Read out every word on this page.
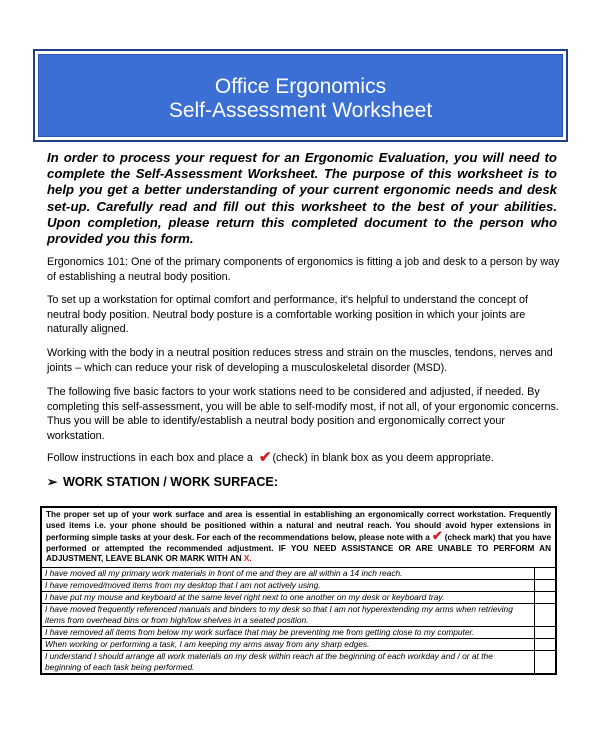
Office Ergonomics
Self-Assessment Worksheet
In order to process your request for an Ergonomic Evaluation, you will need to complete the Self-Assessment Worksheet. The purpose of this worksheet is to help you get a better understanding of your current ergonomic needs and desk set-up. Carefully read and fill out this worksheet to the best of your abilities. Upon completion, please return this completed document to the person who provided you this form.
Ergonomics 101: One of the primary components of ergonomics is fitting a job and desk to a person by way of establishing a neutral body position.
To set up a workstation for optimal comfort and performance, it's helpful to understand the concept of neutral body position. Neutral body posture is a comfortable working position in which your joints are naturally aligned.
Working with the body in a neutral position reduces stress and strain on the muscles, tendons, nerves and joints – which can reduce your risk of developing a musculoskeletal disorder (MSD).
The following five basic factors to your work stations need to be considered and adjusted, if needed. By completing this self-assessment, you will be able to self-modify most, if not all, of your ergonomic concerns. Thus you will be able to identify/establish a neutral body position and ergonomically correct your workstation.
Follow instructions in each box and place a ✔(check) in blank box as you deem appropriate.
➢ WORK STATION / WORK SURFACE:
The proper set up of your work surface and area is essential in establishing an ergonomically correct workstation. Frequently used items i.e. your phone should be positioned within a natural and neutral reach. You should avoid hyper extensions in performing simple tasks at your desk. For each of the recommendations below, please note with a ✔ (check mark) that you have performed or attempted the recommended adjustment. IF YOU NEED ASSISTANCE OR ARE UNABLE TO PERFORM AN ADJUSTMENT, LEAVE BLANK OR MARK WITH AN X.
I have moved all my primary work materials in front of me and they are all within a 14 inch reach.
I have removed/moved items from my desktop that I am not actively using.
I have put my mouse and keyboard at the same level right next to one another on my desk or keyboard tray.
I have moved frequently referenced manuals and binders to my desk so that I am not hyperextending my arms when retrieving items from overhead bins or from high/low shelves in a seated position.
I have removed all items from below my work surface that may be preventing me from getting close to my computer.
When working or performing a task, I am keeping my arms away from any sharp edges.
I understand I should arrange all work materials on my desk within reach at the beginning of each workday and / or at the beginning of each task being performed.
